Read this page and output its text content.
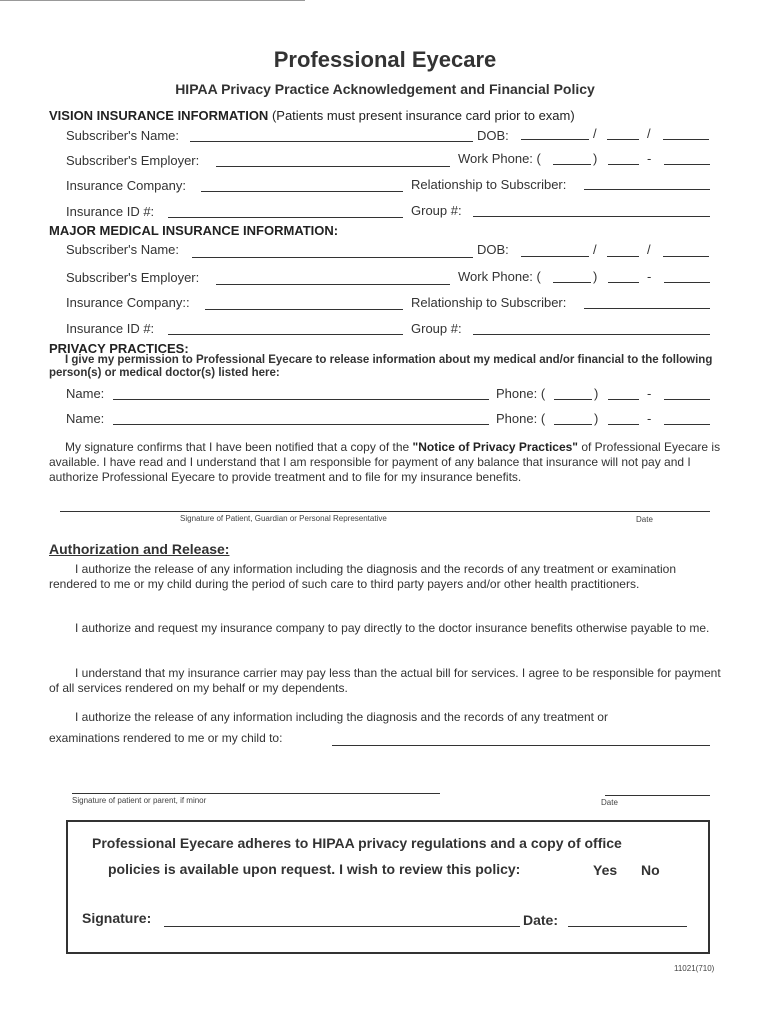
Professional Eyecare
HIPAA Privacy Practice Acknowledgement and Financial Policy
VISION INSURANCE INFORMATION (Patients must present insurance card prior to exam)
Subscriber's Name:	DOB:	/	/
Subscriber's Employer:	Work Phone: (	)	-
Insurance Company:	Relationship to Subscriber:
Insurance ID #:	Group #:
MAJOR MEDICAL INSURANCE INFORMATION:
Subscriber's Name:	DOB:	/	/
Subscriber's Employer:	Work Phone: (	)	-
Insurance Company::	Relationship to Subscriber:
Insurance ID #:	Group #:
PRIVACY PRACTICES:
I give my permission to Professional Eyecare to release information about my medical and/or financial to the following person(s) or medical doctor(s) listed here:
Name:	Phone: (	)	-
Name:	Phone: (	)	-
My signature confirms that I have been notified that a copy of the "Notice of Privacy Practices" of Professional Eyecare is available. I have read and I understand that I am responsible for payment of any balance that insurance will not pay and I authorize Professional Eyecare to provide treatment and to file for my insurance benefits.
Signature of Patient, Guardian or Personal Representative	Date
Authorization and Release:
I authorize the release of any information including the diagnosis and the records of any treatment or examination rendered to me or my child during the period of such care to third party payers and/or other health practitioners.
I authorize and request my insurance company to pay directly to the doctor insurance benefits otherwise payable to me.
I understand that my insurance carrier may pay less than the actual bill for services. I agree to be responsible for payment of all services rendered on my behalf or my dependents.
I authorize the release of any information including the diagnosis and the records of any treatment or
examinations rendered to me or my child to:
Signature of patient or parent, if minor	Date
Professional Eyecare adheres to HIPAA privacy regulations and a copy of office
policies is available upon request. I wish to review this policy:	Yes No
Signature:	Date:
11021(710)
